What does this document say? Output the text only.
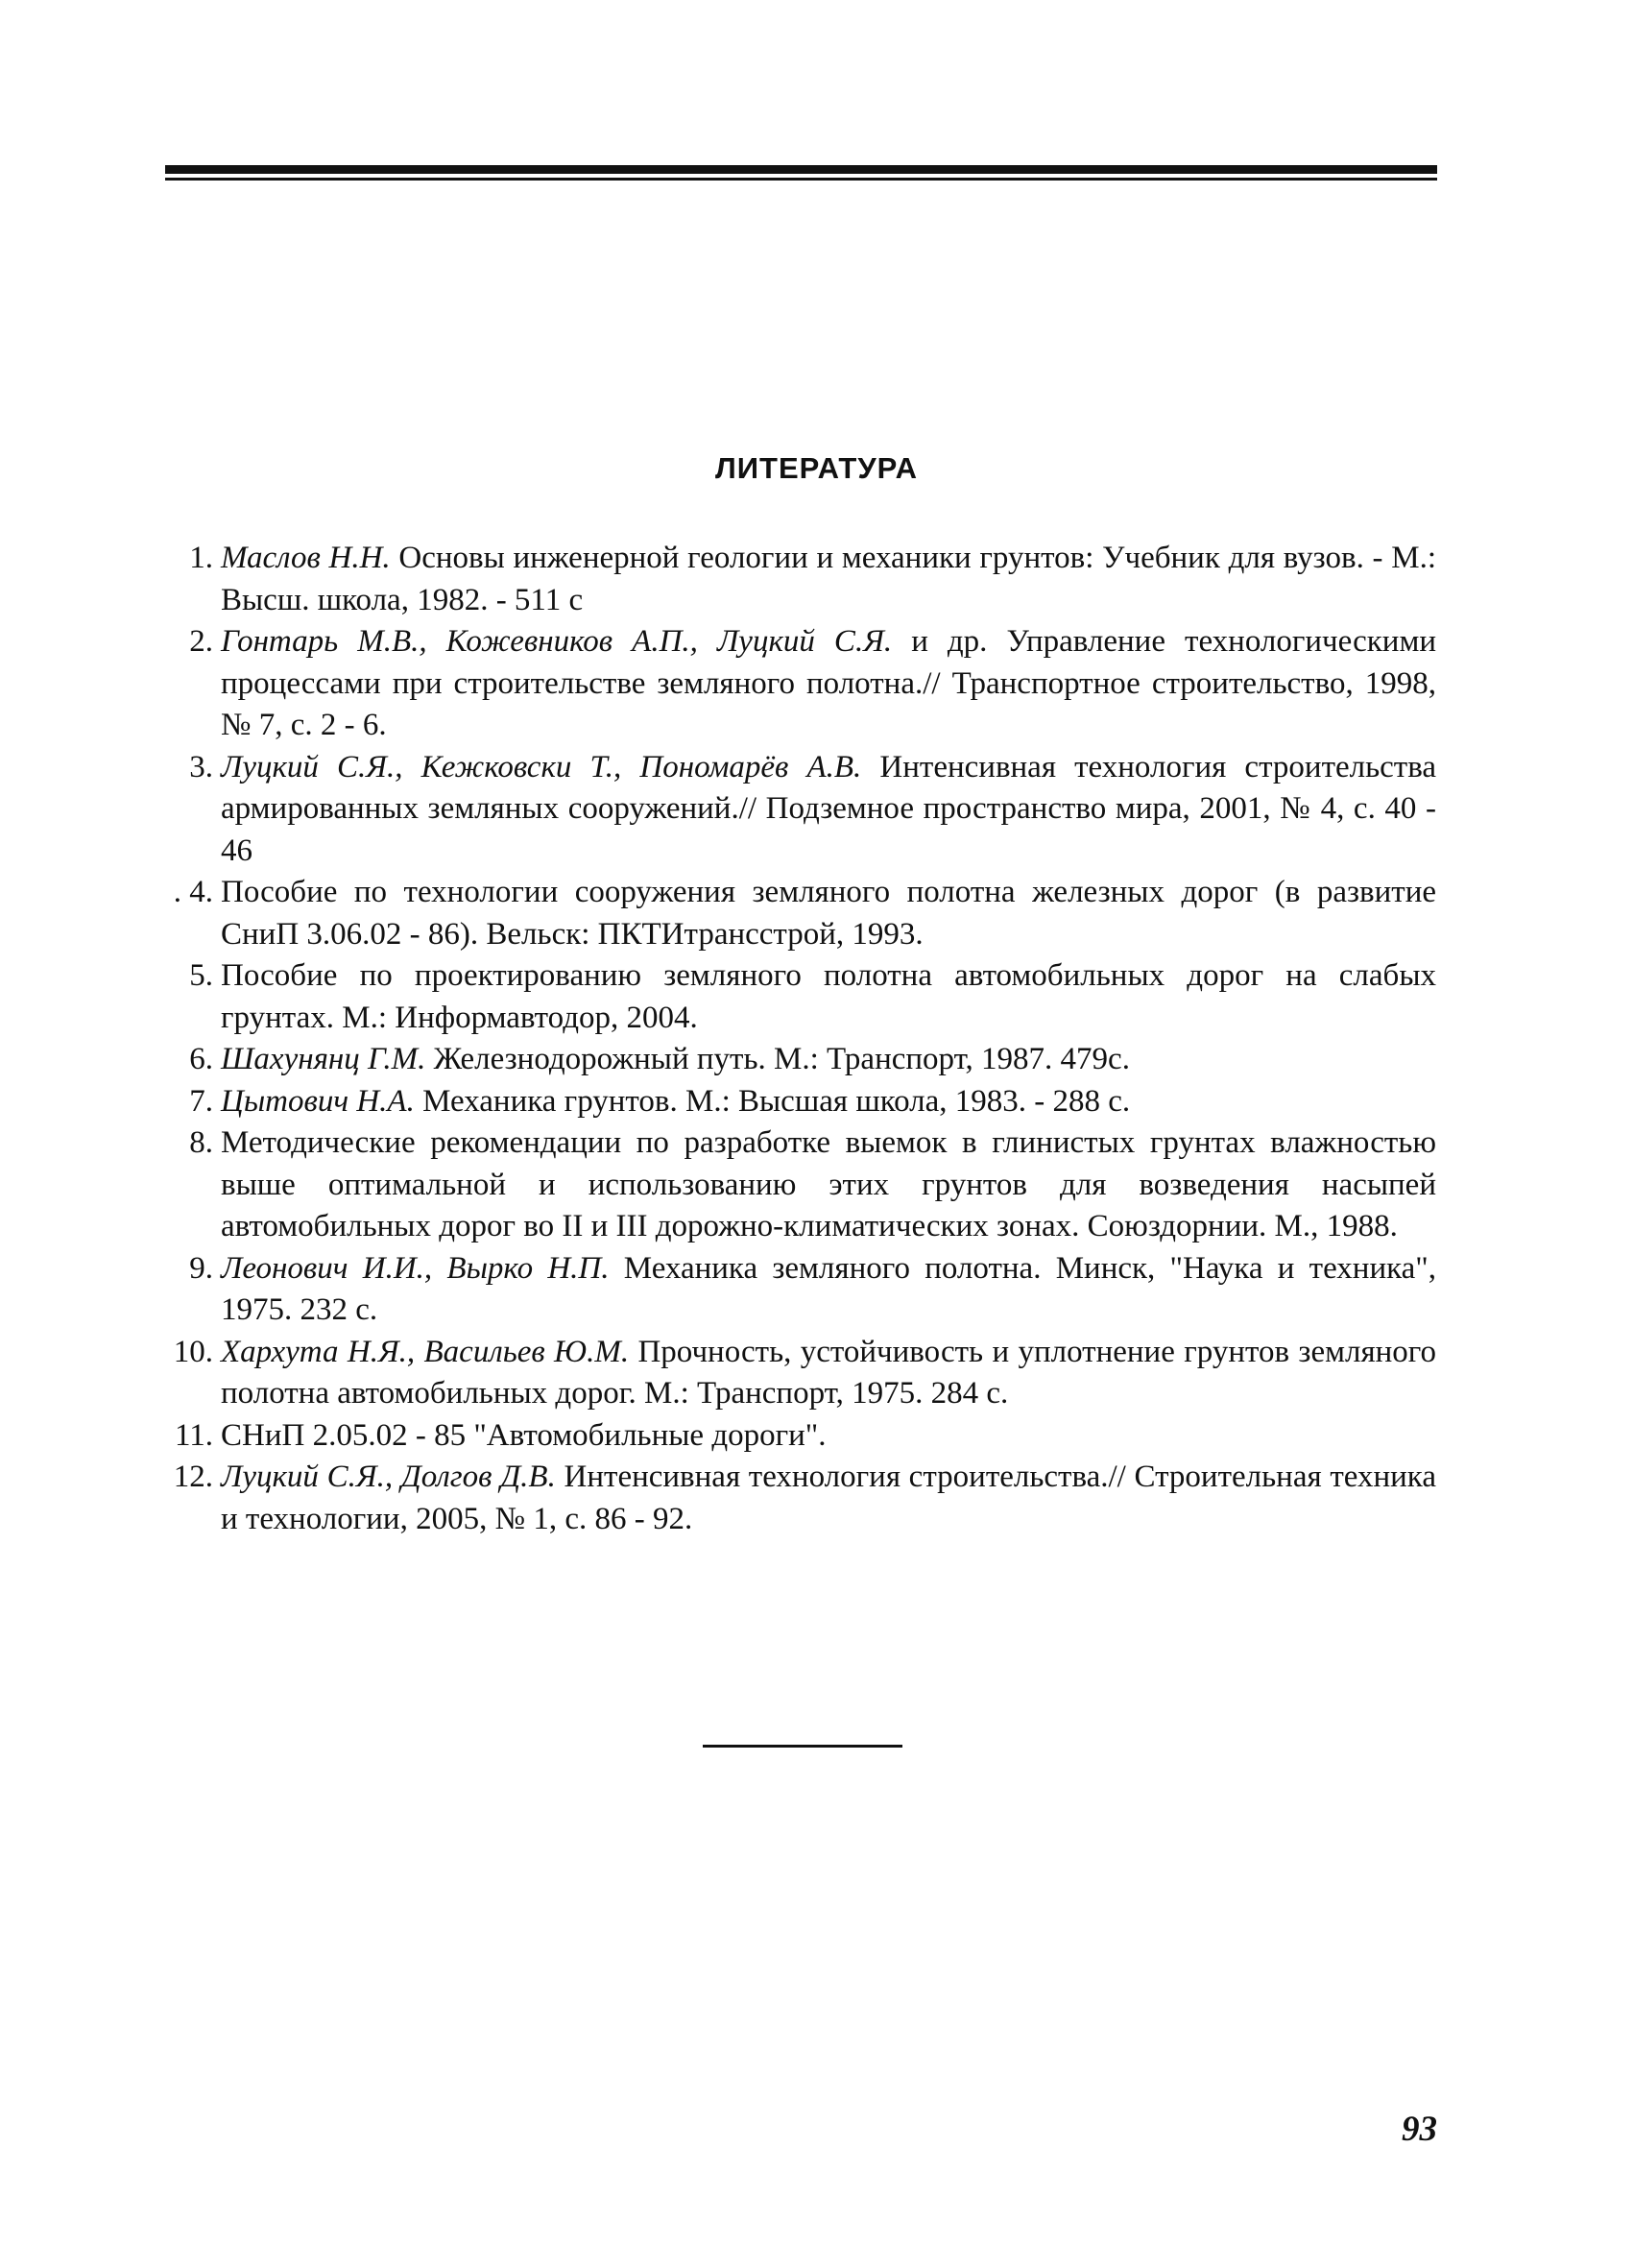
ЛИТЕРАТУРА
1. Маслов Н.Н. Основы инженерной геологии и механики грунтов: Учебник для вузов. - М.: Высш. школа, 1982. - 511 с
2. Гонтарь М.В., Кожевников А.П., Луцкий С.Я. и др. Управление технологическими процессами при строительстве земляного полотна.// Транспортное строительство, 1998, № 7, с. 2 - 6.
3. Луцкий С.Я., Кежковски Т., Пономарёв А.В. Интенсивная технология строительства армированных земляных сооружений.// Подземное пространство мира, 2001, № 4, с. 40 - 46
. 4. Пособие по технологии сооружения земляного полотна железных дорог (в развитие СниП 3.06.02 - 86). Вельск: ПКТИтрансстрой, 1993.
5. Пособие по проектированию земляного полотна автомобильных дорог на слабых грунтах. М.: Информавтодор, 2004.
6. Шахунянц Г.М. Железнодорожный путь. М.: Транспорт, 1987. 479с.
7. Цытович Н.А. Механика грунтов. М.: Высшая школа, 1983. - 288 с.
8. Методические рекомендации по разработке выемок в глинистых грунтах влажностью выше оптимальной и использованию этих грунтов для возведения насыпей автомобильных дорог во II и III дорожно-климатических зонах. Союздорнии. М., 1988.
9. Леонович И.И., Вырко Н.П. Механика земляного полотна. Минск, "Наука и техника", 1975. 232 с.
10. Хархута Н.Я., Васильев Ю.М. Прочность, устойчивость и уплотнение грунтов земляного полотна автомобильных дорог. М.: Транспорт, 1975. 284 с.
11. СНиП 2.05.02 - 85 "Автомобильные дороги".
12. Луцкий С.Я., Долгов Д.В. Интенсивная технология строительства.// Строительная техника и технологии, 2005, № 1, с. 86 - 92.
93
